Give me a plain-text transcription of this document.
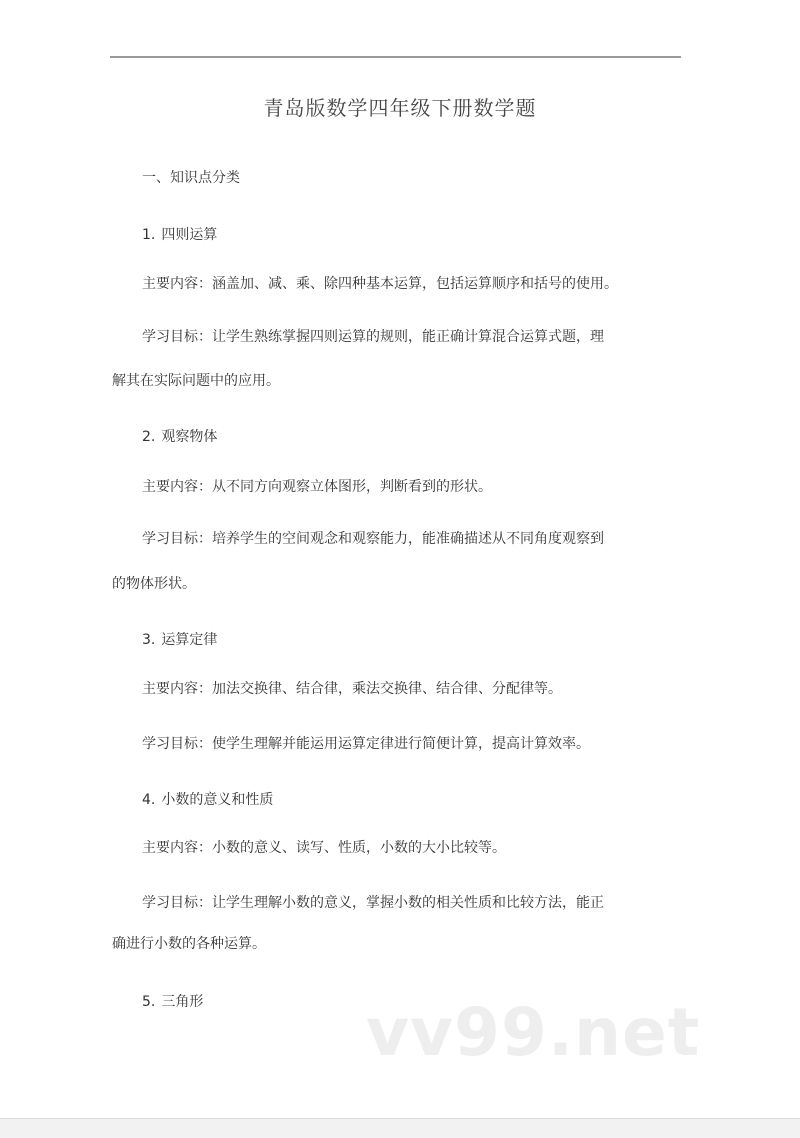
青岛版数学四年级下册数学题
一、知识点分类
1. 四则运算
主要内容：涵盖加、减、乘、除四种基本运算，包括运算顺序和括号的使用。
学习目标：让学生熟练掌握四则运算的规则，能正确计算混合运算式题，理
解其在实际问题中的应用。
2. 观察物体
主要内容：从不同方向观察立体图形，判断看到的形状。
学习目标：培养学生的空间观念和观察能力，能准确描述从不同角度观察到
的物体形状。
3. 运算定律
主要内容：加法交换律、结合律，乘法交换律、结合律、分配律等。
学习目标：使学生理解并能运用运算定律进行简便计算，提高计算效率。
4. 小数的意义和性质
主要内容：小数的意义、读写、性质，小数的大小比较等。
学习目标：让学生理解小数的意义，掌握小数的相关性质和比较方法，能正
确进行小数的各种运算。
5. 三角形 vv99.net
